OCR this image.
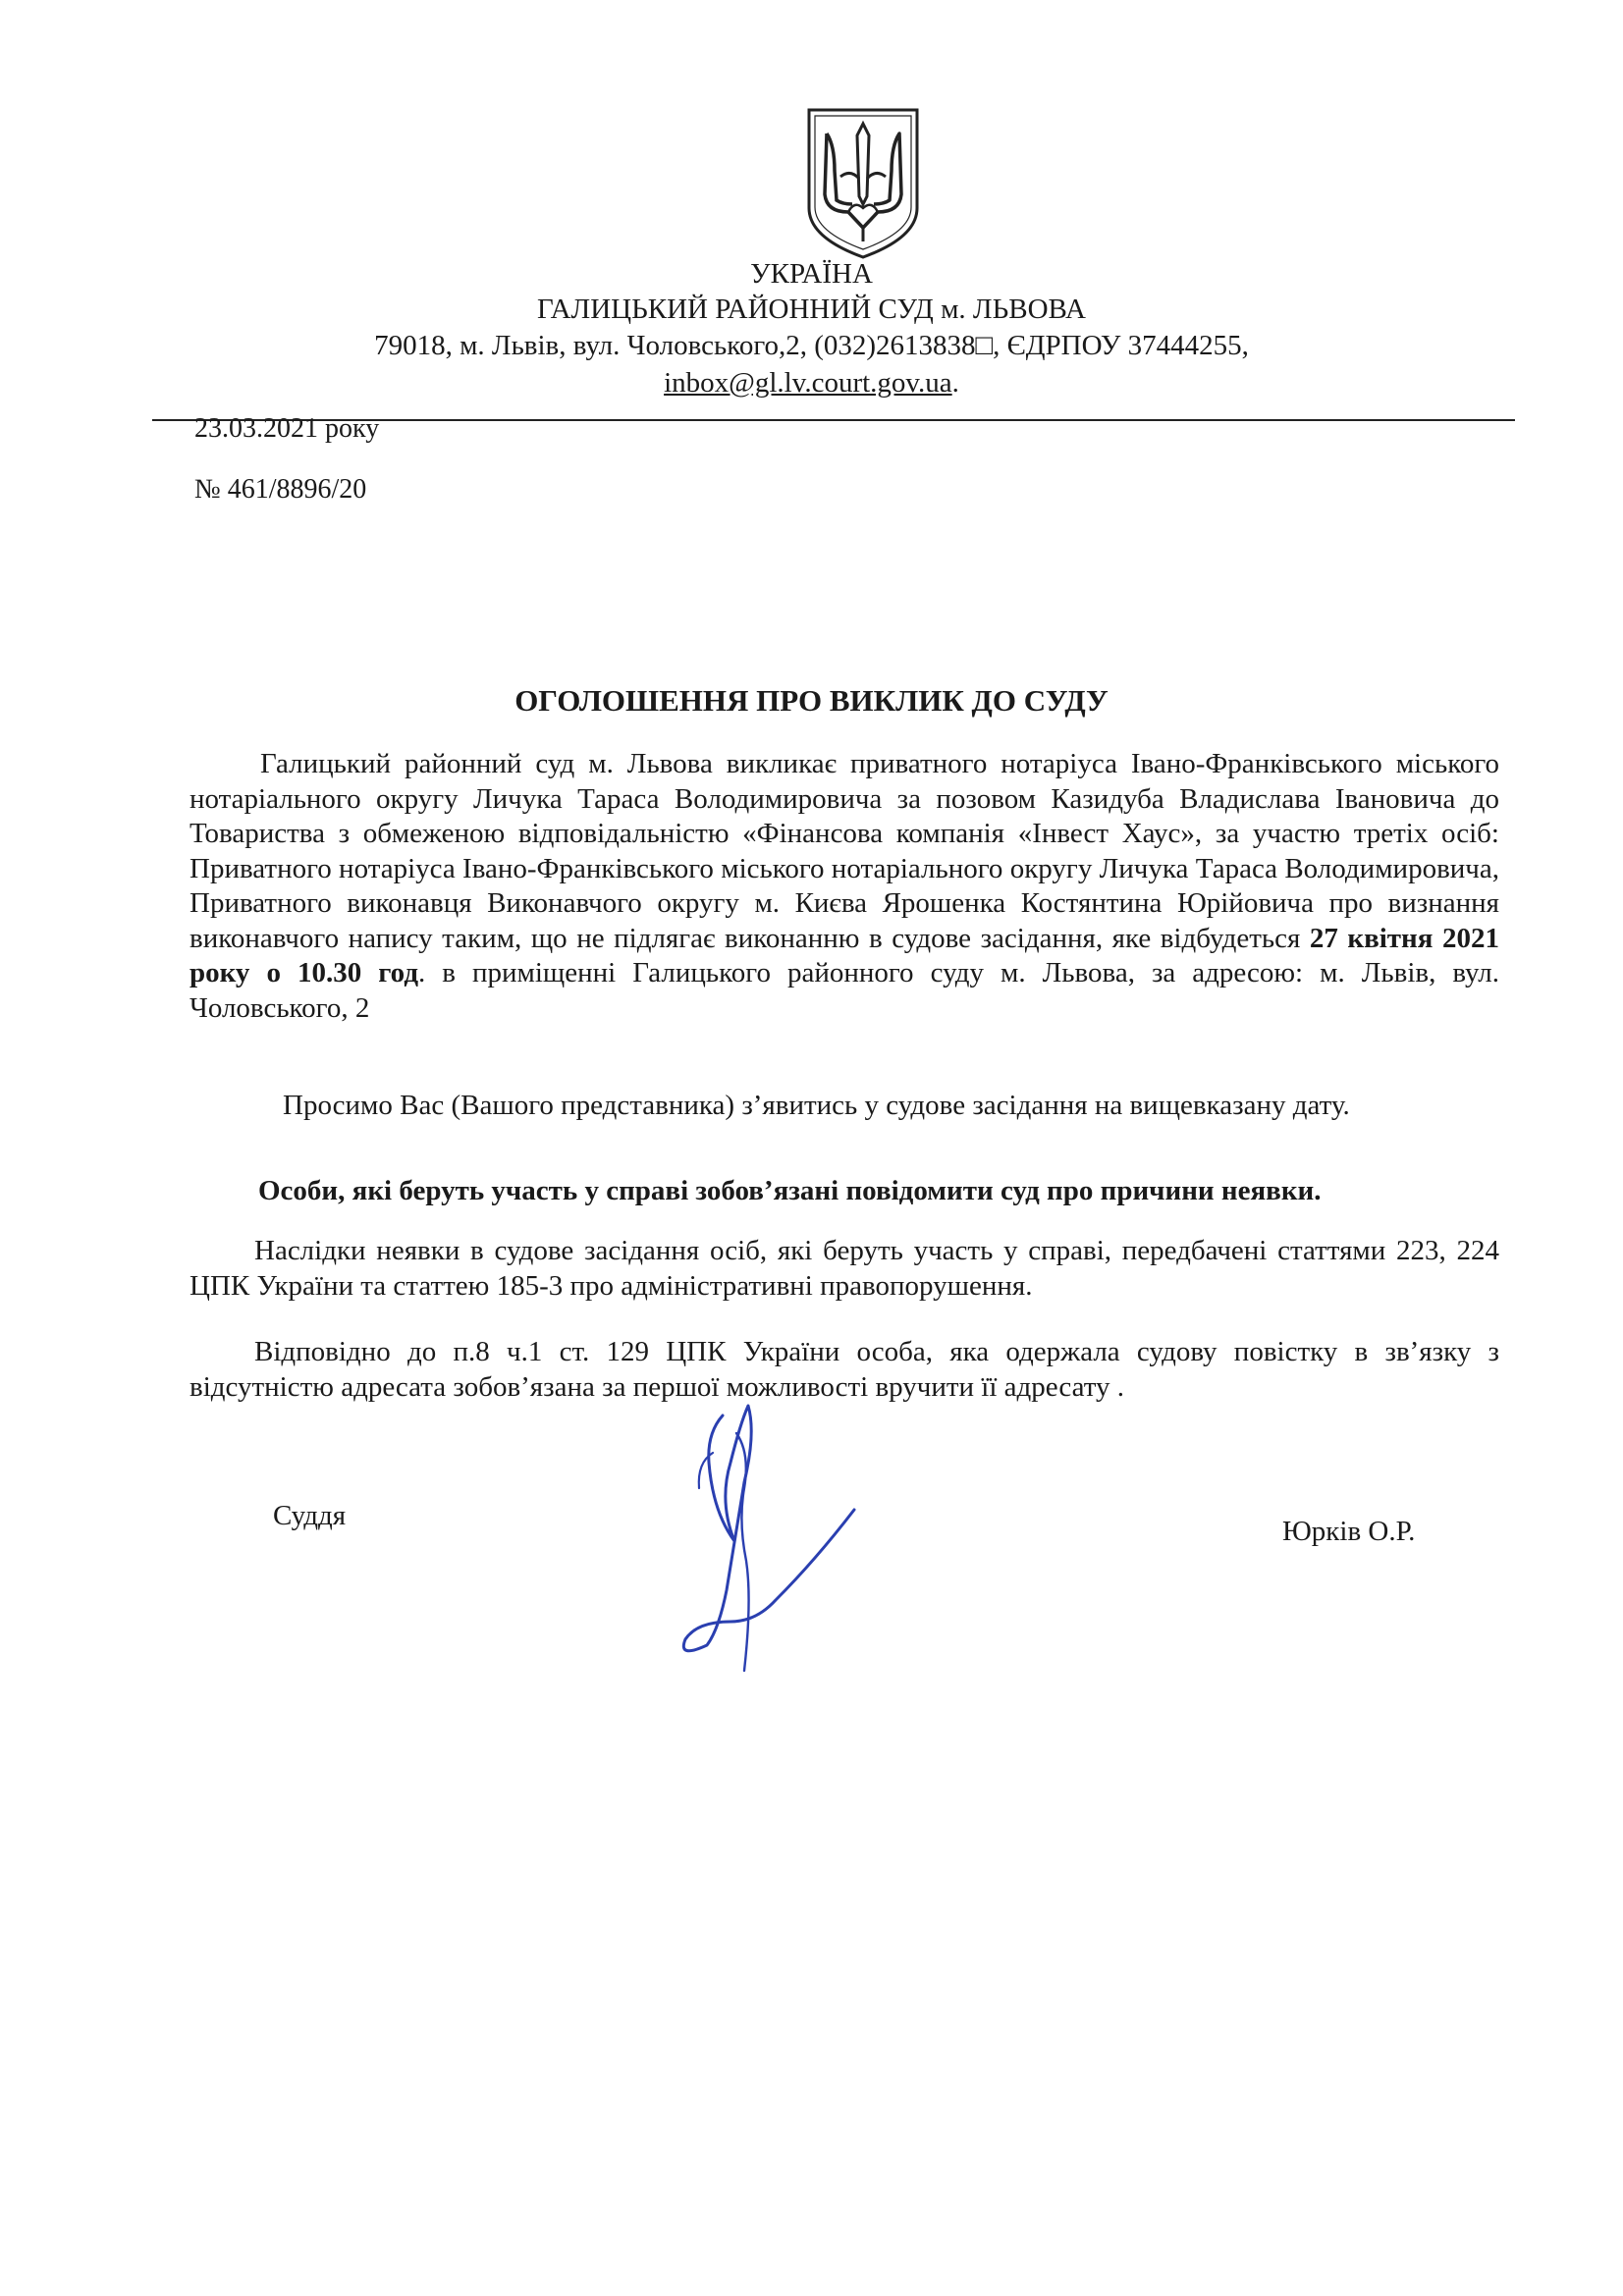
УКРАЇНА
ГАЛИЦЬКИЙ РАЙОННИЙ СУД м. ЛЬВОВА
79018, м. Львів, вул. Чоловського,2, (032)2613838□, ЄДРПОУ 37444255,
inbox@gl.lv.court.gov.ua.
23.03.2021 року
№ 461/8896/20
ОГОЛОШЕННЯ ПРО ВИКЛИК ДО СУДУ

Галицький районний суд м. Львова викликає приватного нотаріуса Івано-Франківського міського нотаріального округу Личука Тараса Володимировича за позовом Казидуба Владислава Івановича до Товариства з обмеженою відповідальністю «Фінансова компанія «Інвест Хаус», за участю третіх осіб: Приватного нотаріуса Івано-Франківського міського нотаріального округу Личука Тараса Володимировича, Приватного виконавця Виконавчого округу м. Києва Ярошенка Костянтина Юрійовича про визнання виконавчого напису таким, що не підлягає виконанню в судове засідання, яке відбудеться 27 квітня 2021 року о 10.30 год. в приміщенні Галицького районного суду м. Львова, за адресою: м. Львів, вул. Чоловського, 2

Просимо Вас (Вашого представника) з’явитись у судове засідання на вищевказану дату.

Особи, які беруть участь у справі зобов’язані повідомити суд про причини неявки.

Наслідки неявки в судове засідання осіб, які беруть участь у справі, передбачені статтями 223, 224 ЦПК України та статтею 185-3 про адміністративні правопорушення.

Відповідно до п.8 ч.1 ст. 129 ЦПК України особа, яка одержала судову повістку в зв’язку з відсутністю адресата зобов’язана за першої можливості вручити її адресату .

Суддя	Юрків О.Р.
